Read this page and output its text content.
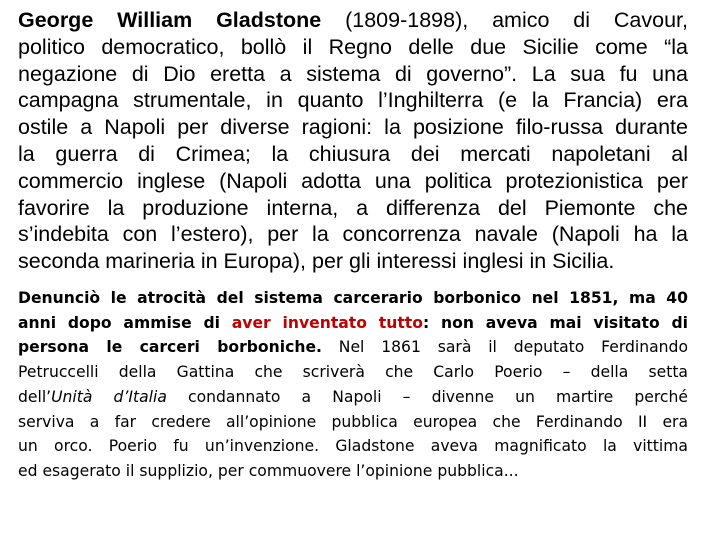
George William Gladstone (1809-1898), amico di Cavour,
politico democratico, bollò il Regno delle due Sicilie come “la
negazione di Dio eretta a sistema di governo”. La sua fu una
campagna strumentale, in quanto l’Inghilterra (e la Francia) era
ostile a Napoli per diverse ragioni: la posizione filo-russa durante
la guerra di Crimea; la chiusura dei mercati napoletani al
commercio inglese (Napoli adotta una politica protezionistica per
favorire la produzione interna, a differenza del Piemonte che
s’indebita con l’estero), per la concorrenza navale (Napoli ha la
seconda marineria in Europa), per gli interessi inglesi in Sicilia.
Denunciò le atrocità del sistema carcerario borbonico nel 1851, ma 40
anni dopo ammise di aver inventato tutto: non aveva mai visitato di
persona le carceri borboniche. Nel 1861 sarà il deputato Ferdinando
Petruccelli della Gattina che scriverà che Carlo Poerio – della setta
dell’Unità d’Italia condannato a Napoli – divenne un martire perché
serviva a far credere all’opinione pubblica europea che Ferdinando II era
un orco. Poerio fu un’invenzione. Gladstone aveva magnificato la vittima
ed esagerato il supplizio, per commuovere l’opinione pubblica...
